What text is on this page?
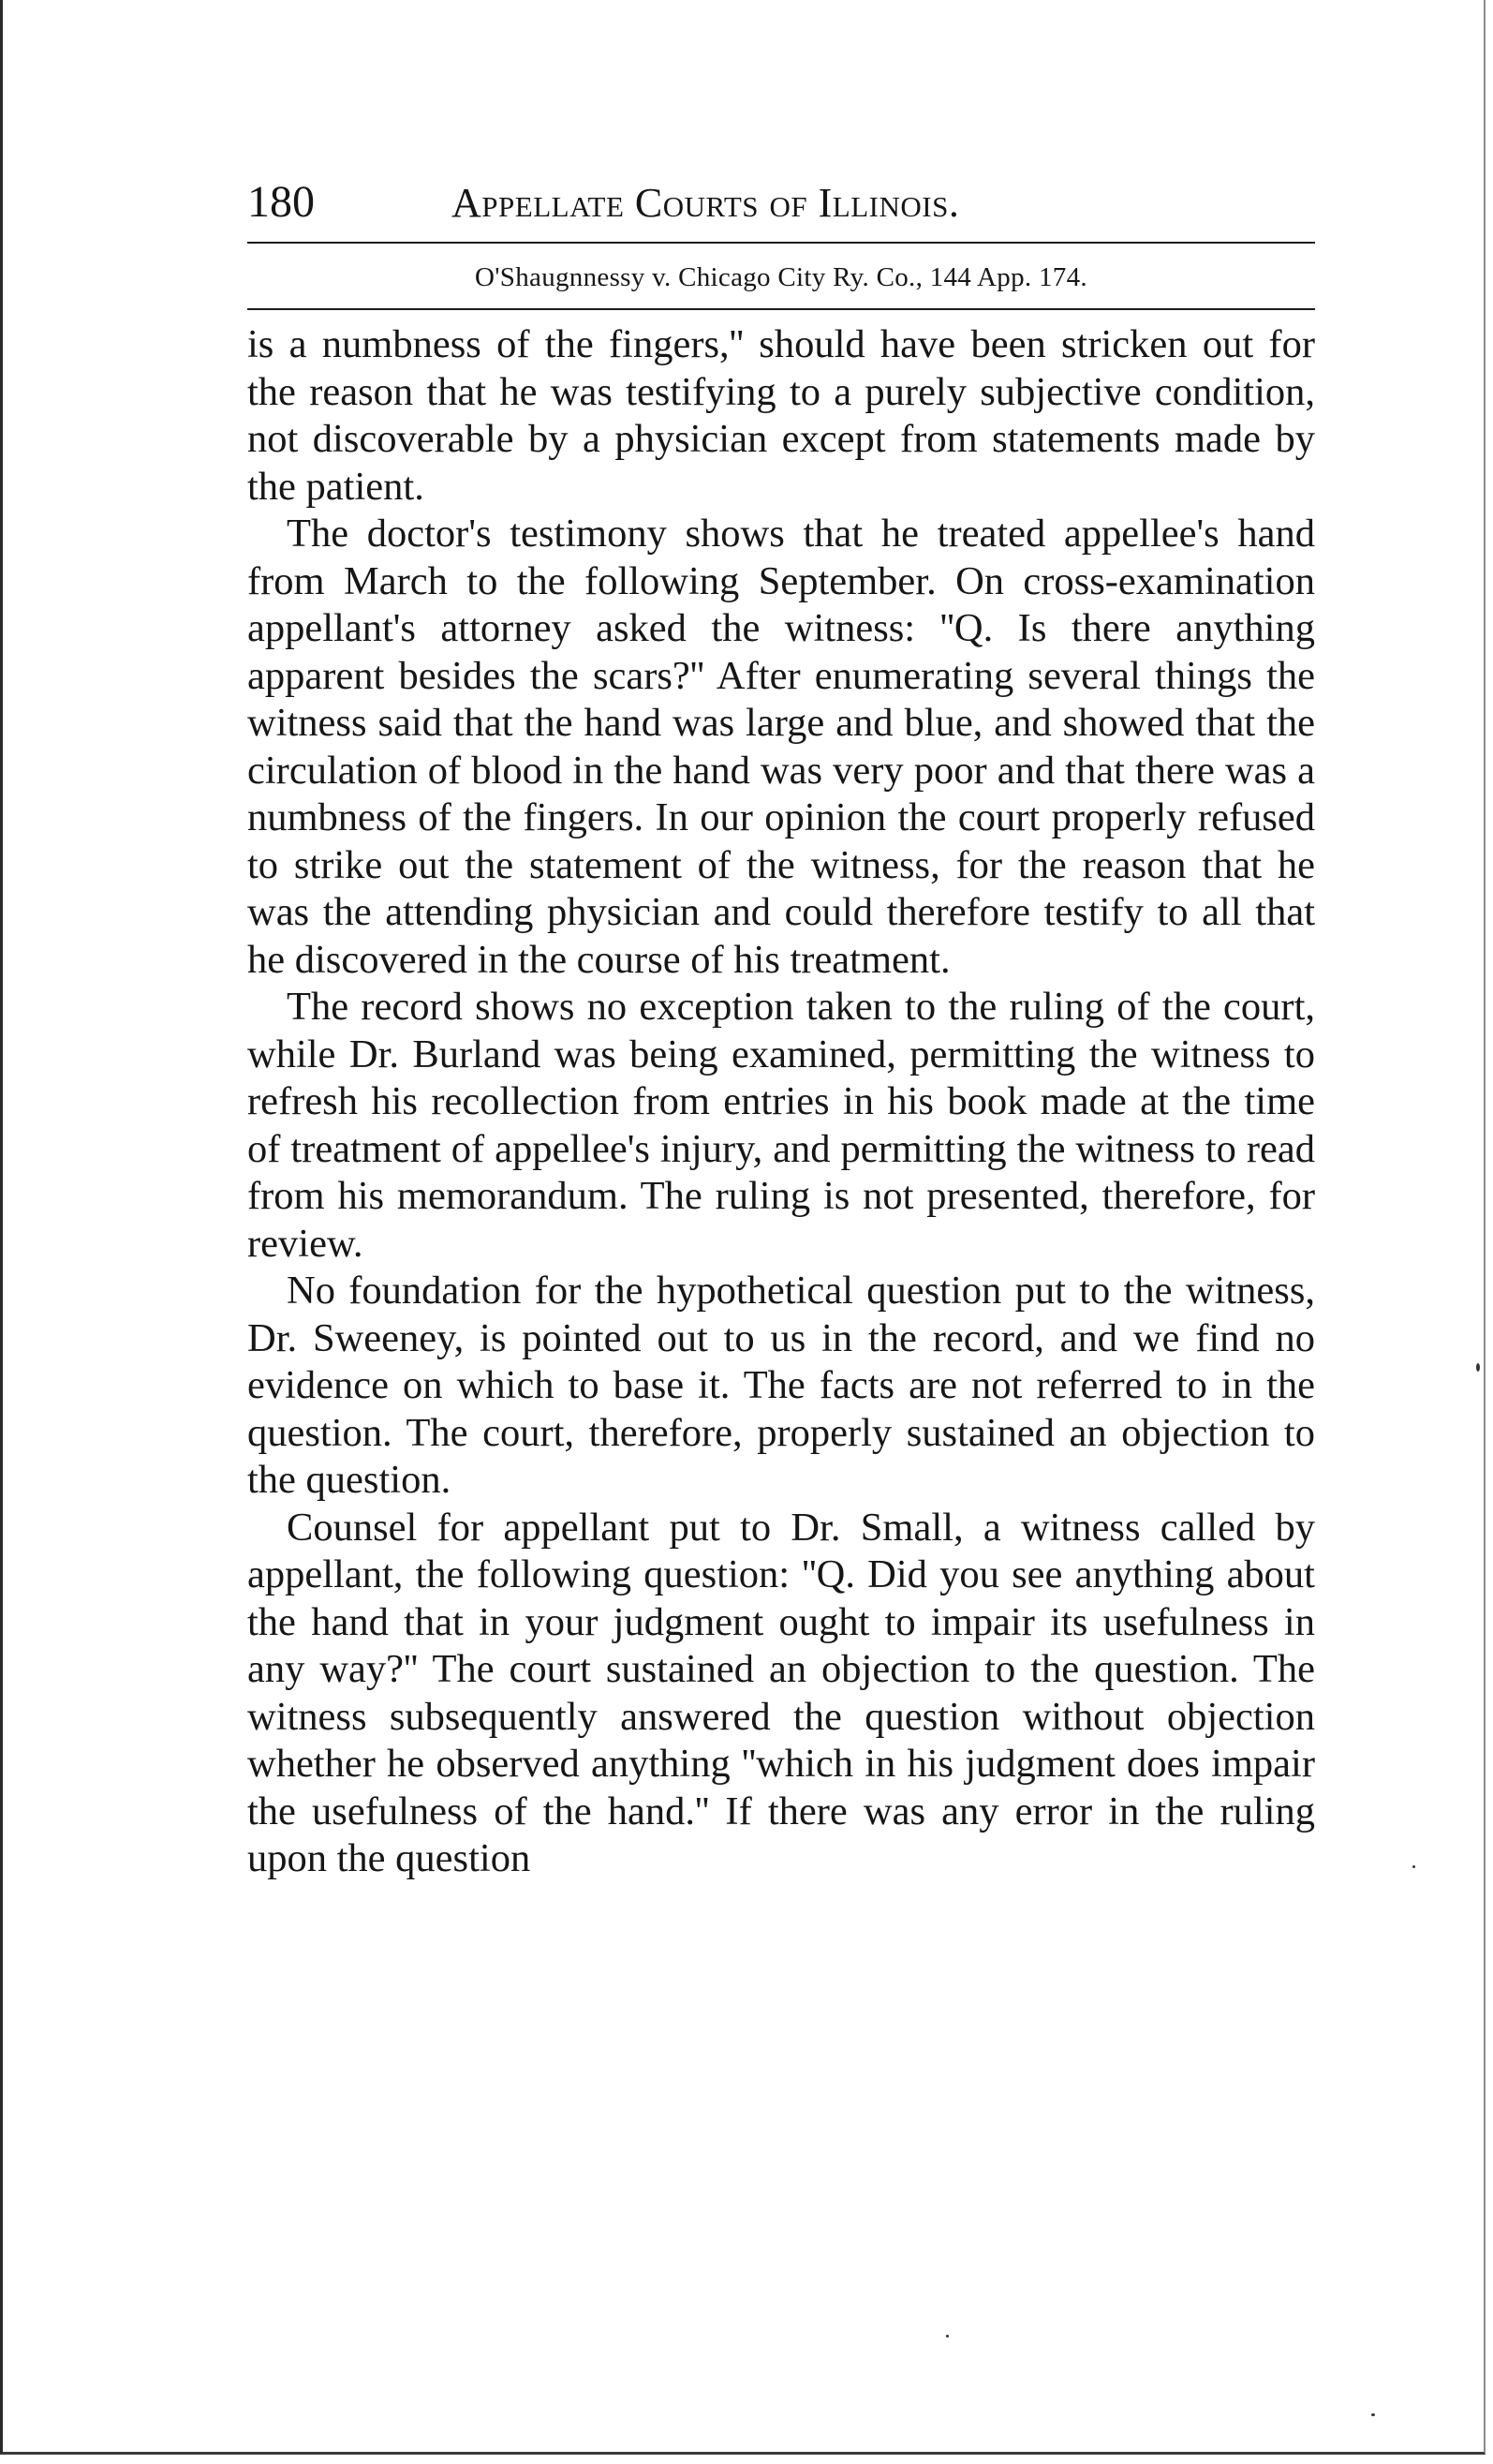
180	Appellate Courts of Illinois.
O'Shaugnnessy v. Chicago City Ry. Co., 144 App. 174.

is a numbness of the fingers,'' should have been stricken out for the reason that he was testifying to a purely subjective condition, not discoverable by a physician except from statements made by the patient.

The doctor's testimony shows that he treated appellee's hand from March to the following September. On cross-examination appellant's attorney asked the witness: ''Q. Is there anything apparent besides the scars?'' After enumerating several things the witness said that the hand was large and blue, and showed that the circulation of blood in the hand was very poor and that there was a numbness of the fingers. In our opinion the court properly refused to strike out the statement of the witness, for the reason that he was the attending physician and could therefore testify to all that he discovered in the course of his treatment.

The record shows no exception taken to the ruling of the court, while Dr. Burland was being examined, permitting the witness to refresh his recollection from entries in his book made at the time of treatment of appellee's injury, and permitting the witness to read from his memorandum. The ruling is not presented, therefore, for review.

No foundation for the hypothetical question put to the witness, Dr. Sweeney, is pointed out to us in the record, and we find no evidence on which to base it. The facts are not referred to in the question. The court, therefore, properly sustained an objection to the question.

Counsel for appellant put to Dr. Small, a witness called by appellant, the following question: ''Q. Did you see anything about the hand that in your judgment ought to impair its usefulness in any way?'' The court sustained an objection to the question. The witness subsequently answered the question without objection whether he observed anything ''which in his judgment does impair the usefulness of the hand.'' If there was any error in the ruling upon the question
